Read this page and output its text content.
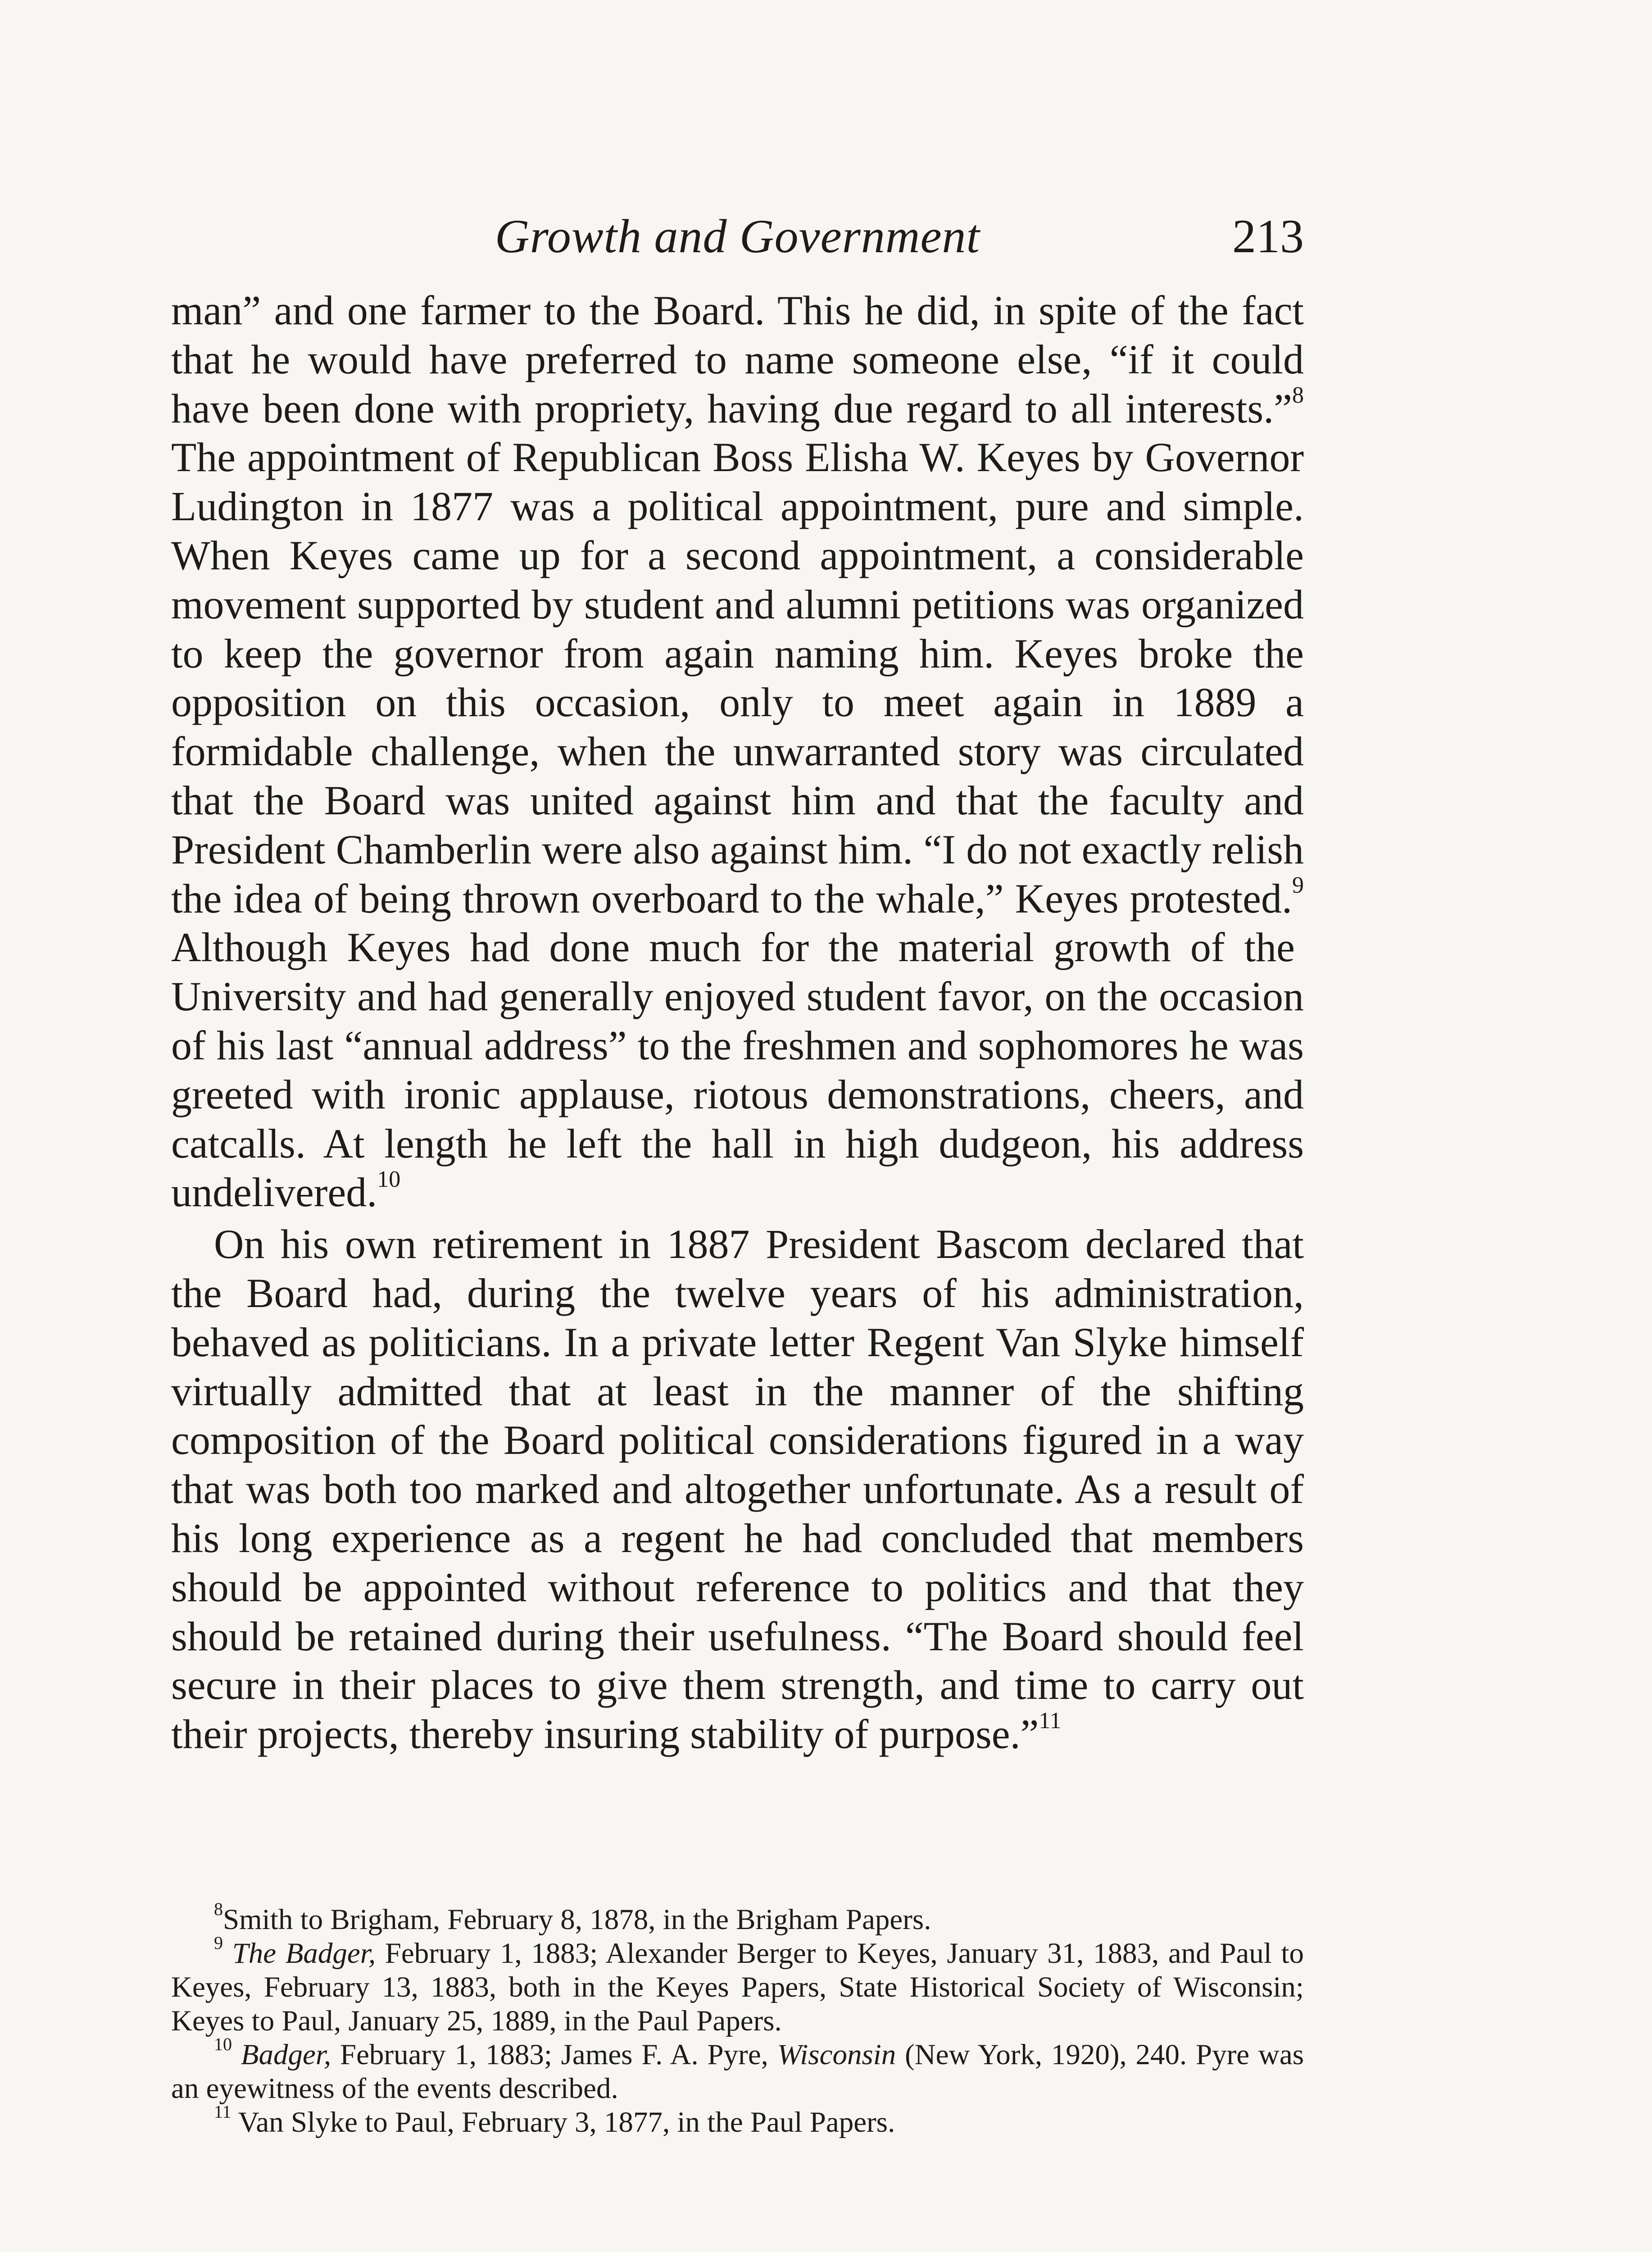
Growth and Government	213

man” and one farmer to the Board. This he did, in spite of the fact that he would have preferred to name someone else, “if it could have been done with propriety, having due regard to all interests.”$^8$ The appointment of Republican Boss Elisha W. Keyes by Governor Ludington in 1877 was a political appointment, pure and simple. When Keyes came up for a second appointment, a considerable movement supported by student and alumni petitions was organized to keep the governor from again naming him. Keyes broke the opposition on this occasion, only to meet again in 1889 a formidable challenge, when the unwarranted story was circulated that the Board was united against him and that the faculty and President Chamberlin were also against him. “I do not exactly relish the idea of being thrown overboard to the whale,” Keyes protested.$^9$ Although Keyes had done much for the material growth of the University and had generally enjoyed student favor, on the occasion of his last “annual address” to the freshmen and sophomores he was greeted with ironic applause, riotous demonstrations, cheers, and catcalls. At length he left the hall in high dudgeon, his address undelivered.$^{10}$

On his own retirement in 1887 President Bascom declared that the Board had, during the twelve years of his administration, behaved as politicians. In a private letter Regent Van Slyke himself virtually admitted that at least in the manner of the shifting composition of the Board political considerations figured in a way that was both too marked and altogether unfortunate. As a result of his long experience as a regent he had concluded that members should be appointed without reference to politics and that they should be retained during their usefulness. “The Board should feel secure in their places to give them strength, and time to carry out their projects, thereby insuring stability of purpose.”$^{11}$

$^8$Smith to Brigham, February 8, 1878, in the Brigham Papers.

$^9$ The Badger, February 1, 1883; Alexander Berger to Keyes, January 31, 1883, and Paul to Keyes, February 13, 1883, both in the Keyes Papers, State Historical Society of Wisconsin; Keyes to Paul, January 25, 1889, in the Paul Papers.

$^{10}$ Badger, February 1, 1883; James F. A. Pyre, Wisconsin (New York, 1920), 240. Pyre was an eyewitness of the events described.

$^{11}$ Van Slyke to Paul, February 3, 1877, in the Paul Papers.
